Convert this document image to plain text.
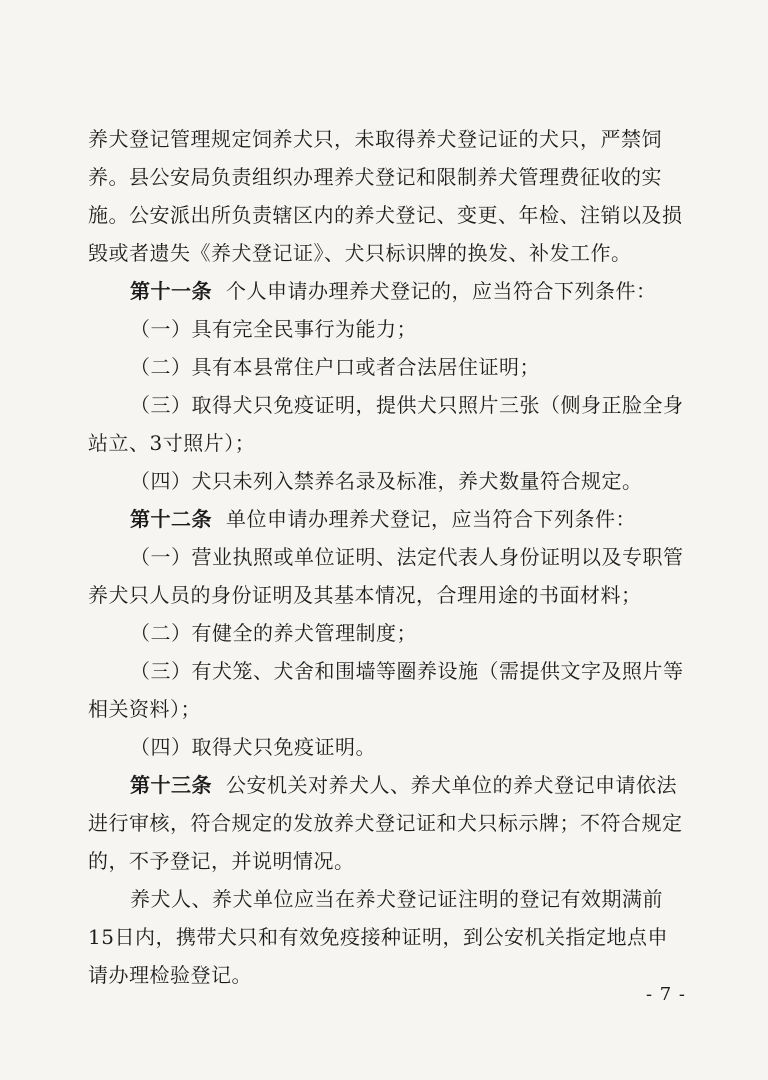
养犬登记管理规定饲养犬只，未取得养犬登记证的犬只，严禁饲养。县公安局负责组织办理养犬登记和限制养犬管理费征收的实施。公安派出所负责辖区内的养犬登记、变更、年检、注销以及损毁或者遗失《养犬登记证》、犬只标识牌的换发、补发工作。

第十一条 个人申请办理养犬登记的，应当符合下列条件：

（一）具有完全民事行为能力；

（二）具有本县常住户口或者合法居住证明；

（三）取得犬只免疫证明，提供犬只照片三张（侧身正脸全身站立、3寸照片）；

（四）犬只未列入禁养名录及标准，养犬数量符合规定。

第十二条 单位申请办理养犬登记，应当符合下列条件：

（一）营业执照或单位证明、法定代表人身份证明以及专职管养犬只人员的身份证明及其基本情况，合理用途的书面材料；

（二）有健全的养犬管理制度；

（三）有犬笼、犬舍和围墙等圈养设施（需提供文字及照片等相关资料）；

（四）取得犬只免疫证明。

第十三条 公安机关对养犬人、养犬单位的养犬登记申请依法进行审核，符合规定的发放养犬登记证和犬只标示牌；不符合规定的，不予登记，并说明情况。

养犬人、养犬单位应当在养犬登记证注明的登记有效期满前15日内，携带犬只和有效免疫接种证明，到公安机关指定地点申请办理检验登记。

- 7 -
